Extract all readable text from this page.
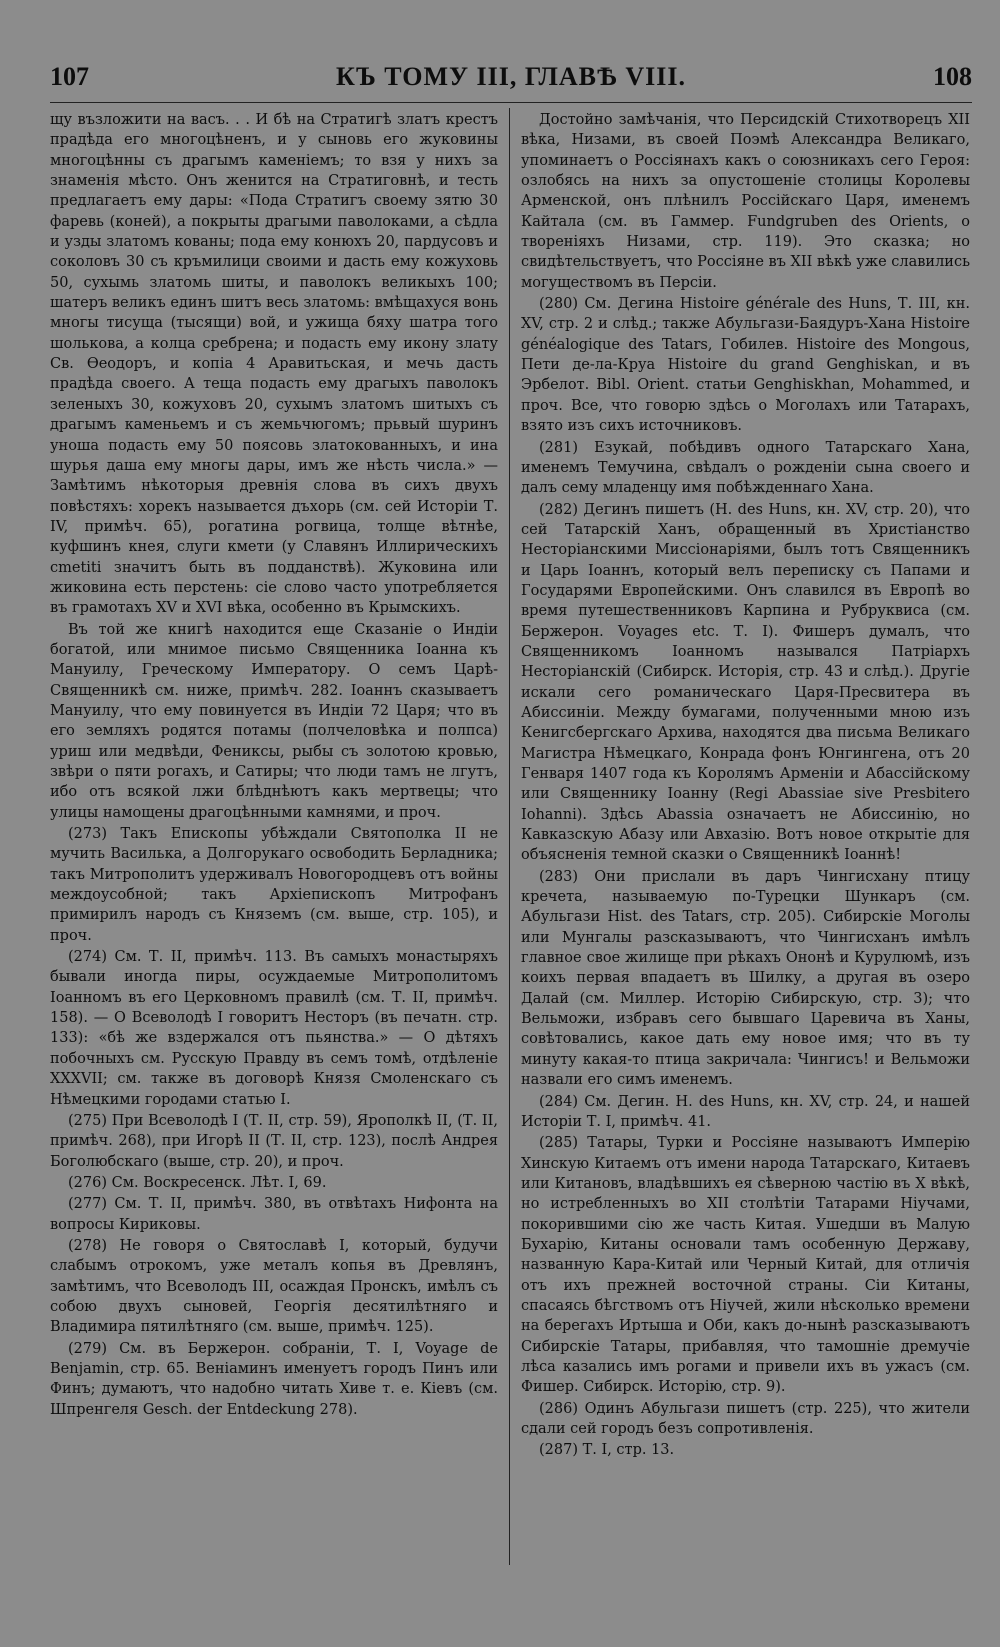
107	КЪ ТОМУ III, ГЛАВѢ VIII.	108

щу възложити на васъ. . . И бѣ на Стратигѣ златъ крестъ прадѣда его многоцѣненъ, и у сыновь его жуковины многоцѣнны съ драгымъ каменiемъ; то взя у нихъ за знаменiя мѣсто. Онъ женится на Стратиговнѣ, и тесть предлагаетъ ему дары: «Пода Стратигъ своему зятю 30 фаревь (коней), а покрыты драгыми паволоками, а сѣдла и узды златомъ кованы; пода ему конюхъ 20, пардусовъ и соколовъ 30 съ кръмилици своими и дасть ему кожуховь 50, сухымь златомь шиты, и паволокъ великыхъ 100; шатеръ великъ единъ шитъ весь златомь: вмѣщахуся вонь многы тисуща (тысящи) вой, и ужища бяху шатра того шолькова, а колца сребрена; и подасть ему икону злату Св. Ѳеодоръ, и копiа 4 Аравитьская, и мечь дасть прадѣда своего. А теща подасть ему драгыхъ паволокъ зеленыхъ 30, кожуховъ 20, сухымъ златомъ шитыхъ съ драгымъ каменьемъ и съ жемьчюгомъ; прьвый шуринъ уноша подасть ему 50 поясовь златокованныхъ, и ина шурья даша ему многы дары, имъ же нѣсть числа.» — Замѣтимъ нѣкоторыя древнiя слова въ сихъ двухъ повѣстяхъ: хорекъ называется дъхорь (см. сей Исторiи Т. IV, примѣч. 65), рогатина рогвица, толще вѣтнѣе, куфшинъ кнея, слуги кмети (у Славянъ Иллирическихъ cmetiti значитъ быть въ подданствѣ). Жуковина или жиковина есть перстень: сiе слово часто употребляется въ грамотахъ XV и XVI вѣка, особенно въ Крымскихъ.

Въ той же книгѣ находится еще Сказанiе о Индiи богатой, или мнимое письмо Священника Іоанна къ Мануилу, Греческому Императору. О семъ Царѣ-Священникѣ см. ниже, примѣч. 282. Іоаннъ сказываетъ Мануилу, что ему повинуется въ Индiи 72 Царя; что въ его земляхъ родятся потамы (полчеловѣка и полпса) уриш или медвѣди, Фениксы, рыбы съ золотою кровью, звѣри о пяти рогахъ, и Сатиры; что люди тамъ не лгутъ, ибо отъ всякой лжи блѣднѣютъ какъ мертвецы; что улицы намощены драгоцѣнными камнями, и проч.

(273) Такъ Епископы убѣждали Святополка II не мучить Василька, а Долгорукаго освободить Берладника; такъ Митрополитъ удерживалъ Новогородцевъ отъ войны междоусобной; такъ Архiепископъ Митрофанъ примирилъ народъ съ Княземъ (см. выше, стр. 105), и проч.

(274) См. Т. II, примѣч. 113. Въ самыхъ монастыряхъ бывали иногда пиры, осуждаемые Митрополитомъ Іоанномъ въ его Церковномъ правилѣ (см. Т. II, примѣч. 158). — О Всеволодѣ I говоритъ Несторъ (въ печатн. стр. 133): «бѣ же вздержался отъ пьянства.» — О дѣтяхъ побочныхъ см. Русскую Правду въ семъ томѣ, отдѣленiе XXXVII; см. также въ договорѣ Князя Смоленскаго съ Нѣмецкими городами статью I.

(275) При Всеволодѣ I (Т. II, стр. 59), Ярополкѣ II, (Т. II, примѣч. 268), при Игорѣ II (Т. II, стр. 123), послѣ Андрея Боголюбскаго (выше, стр. 20), и проч.

(276) См. Воскресенск. Лѣт. I, 69.

(277) См. Т. II, примѣч. 380, въ отвѣтахъ Нифонта на вопросы Кириковы.

(278) Не говоря о Святославѣ I, который, будучи слабымъ отрокомъ, уже металъ копья въ Древлянъ, замѣтимъ, что Всеволодъ III, осаждая Пронскъ, имѣлъ съ собою двухъ сыновей, Георгiя десятилѣтняго и Владимира пятилѣтняго (см. выше, примѣч. 125).

(279) См. въ Бержерон. собранiи, Т. I, Voyage de Benjamin, стр. 65. Венiаминъ именуетъ городъ Пинъ или Финъ; думаютъ, что надобно читать Хиве т. е. Кiевъ (см. Шпренгеля Gesch. der Entdeckung 278).

Достойно замѣчанiя, что Персидскiй Стихотворецъ XII вѣка, Низами, въ своей Поэмѣ Александра Великаго, упоминаетъ о Россiянахъ какъ о союзникахъ сего Героя: озлобясь на нихъ за опустошенiе столицы Королевы Арменской, онъ плѣнилъ Россiйскаго Царя, именемъ Кайтала (см. въ Гаммер. Fundgruben des Orients, о творенiяхъ Низами, стр. 119). Это сказка; но свидѣтельствуетъ, что Россiяне въ XII вѣкѣ уже славились могуществомъ въ Персiи.

(280) См. Дегина Histoire générale des Huns, Т. III, кн. XV, стр. 2 и слѣд.; также Абульгази-Баядуръ-Хана Histoire généalogique des Tatars, Гобилев. Histoire des Mongous, Пети де-ла-Круа Histoire du grand Genghiskan, и въ Эрбелот. Bibl. Orient. статьи Genghiskhan, Mohammed, и проч. Все, что говорю здѣсь о Моголахъ или Татарахъ, взято изъ сихъ источниковъ.

(281) Езукай, побѣдивъ одного Татарскаго Хана, именемъ Темучина, свѣдалъ о рожденiи сына своего и далъ сему младенцу имя побѣжденнаго Хана.

(282) Дегинъ пишетъ (Н. des Huns, кн. XV, стр. 20), что сей Татарскiй Ханъ, обращенный въ Христiанство Несторiанскими Миссiонарiями, былъ тотъ Священникъ и Царь Іоаннъ, который велъ переписку съ Папами и Государями Европейскими. Онъ славился въ Европѣ во время путешественниковъ Карпина и Рубруквиса (см. Бержерон. Voyages etc. Т. I). Фишеръ думалъ, что Священникомъ Іоанномъ назывался Патрiархъ Несторiанскiй (Сибирск. Исторiя, стр. 43 и слѣд.). Другiе искали сего романическаго Царя-Пресвитера въ Абиссинiи. Между бумагами, полученными мною изъ Кенигсбергскаго Архива, находятся два письма Великаго Магистра Нѣмецкаго, Конрада фонъ Юнгингена, отъ 20 Генваря 1407 года къ Королямъ Арменiи и Абассiйскому или Священнику Іоанну (Regi Abassiae sive Presbitero Iohanni). Здѣсь Abassia означаетъ не Абиссинiю, но Кавказскую Абазу или Авхазiю. Вотъ новое открытiе для объясненiя темной сказки о Священникѣ Іоаннѣ!

(283) Они прислали въ даръ Чингисхану птицу кречета, называемую по-Турецки Шункаръ (см. Абульгази Hist. des Tatars, стр. 205). Сибирскiе Моголы или Мунгалы разсказываютъ, что Чингисханъ имѣлъ главное свое жилище при рѣкахъ Ононѣ и Курулюмѣ, изъ коихъ первая впадаетъ въ Шилку, а другая въ озеро Далай (см. Миллер. Исторiю Сибирскую, стр. 3); что Вельможи, избравъ сего бывшаго Царевича въ Ханы, совѣтовались, какое дать ему новое имя; что въ ту минуту какая-то птица закричала: Чингисъ! и Вельможи назвали его симъ именемъ.

(284) См. Дегин. Н. des Huns, кн. XV, стр. 24, и нашей Исторiи Т. I, примѣч. 41.

(285) Татары, Турки и Россiяне называютъ Имперiю Хинскую Китаемъ отъ имени народа Татарскаго, Китаевъ или Китановъ, владѣвшихъ ея сѣверною частiю въ X вѣкѣ, но истребленныхъ во XII столѣтiи Татарами Нiучами, покорившими сiю же часть Китая. Ушедши въ Малую Бухарiю, Китаны основали тамъ особенную Державу, названную Кара-Китай или Черный Китай, для отличiя отъ ихъ прежней восточной страны. Сiи Китаны, спасаясь бѣгствомъ отъ Нiучей, жили нѣсколько времени на берегахъ Иртыша и Оби, какъ до-нынѣ разсказываютъ Сибирскiе Татары, прибавляя, что тамошнiе дремучiе лѣса казались имъ рогами и привели ихъ въ ужасъ (см. Фишер. Сибирск. Исторiю, стр. 9).

(286) Одинъ Абульгази пишетъ (стр. 225), что жители сдали сей городъ безъ сопротивленiя.

(287) Т. I, стр. 13.
